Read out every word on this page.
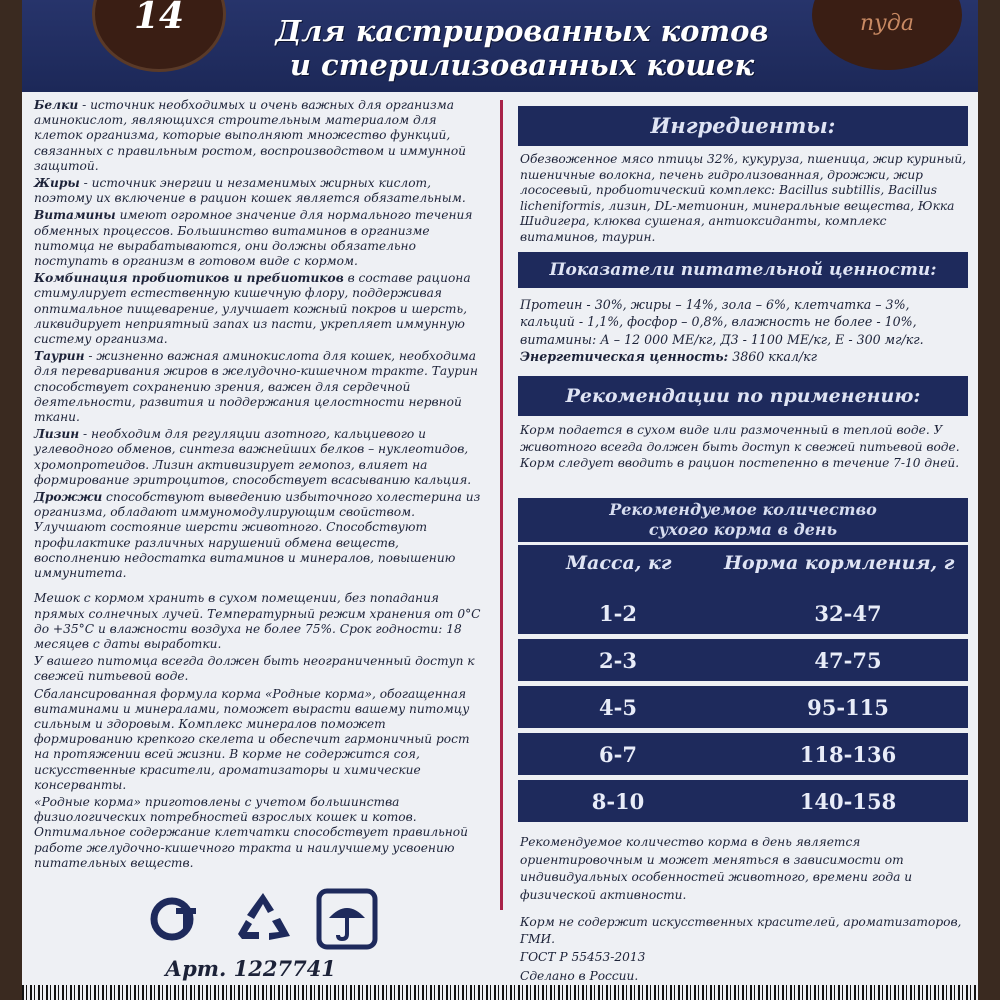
14	пуда
Для кастрированных котов
и стерилизованных кошек

Белки - источник необходимых и очень важных для организма аминокислот, являющихся строительным материалом для клеток организма, которые выполняют множество функций, связанных с правильным ростом, воспроизводством и иммунной защитой.

Жиры - источник энергии и незаменимых жирных кислот, поэтому их включение в рацион кошек является обязательным.

Витамины имеют огромное значение для нормального течения обменных процессов. Большинство витаминов в организме питомца не вырабатываются, они должны обязательно поступать в организм в готовом виде с кормом.

Комбинация пробиотиков и пребиотиков в составе рациона стимулирует естественную кишечную флору, поддерживая оптимальное пищеварение, улучшает кожный покров и шерсть, ликвидирует неприятный запах из пасти, укрепляет иммунную систему организма.

Таурин - жизненно важная аминокислота для кошек, необходима для переваривания жиров в желудочно-кишечном тракте. Таурин способствует сохранению зрения, важен для сердечной деятельности, развития и поддержания целостности нервной ткани.

Лизин - необходим для регуляции азотного, кальциевого и углеводного обменов, синтеза важнейших белков – нуклеотидов, хромопротеидов. Лизин активизирует гемопоз, влияет на формирование эритроцитов, способствует всасыванию кальция.

Дрожжи способствуют выведению избыточного холестерина из организма, обладают иммуномодулирующим свойством. Улучшают состояние шерсти животного. Способствуют профилактике различных нарушений обмена веществ, восполнению недостатка витаминов и минералов, повышению иммунитета.

Мешок с кормом хранить в сухом помещении, без попадания прямых солнечных лучей. Температурный режим хранения от 0°С до +35°С и влажности воздуха не более 75%. Срок годности: 18 месяцев с даты выработки.

У вашего питомца всегда должен быть неограниченный доступ к свежей питьевой воде.

Сбалансированная формула корма «Родные корма», обогащенная витаминами и минералами, поможет вырасти вашему питомцу сильным и здоровым. Комплекс минералов поможет формированию крепкого скелета и обеспечит гармоничный рост на протяжении всей жизни. В корме не содержится соя, искусственные красители, ароматизаторы и химические консерванты.

«Родные корма» приготовлены с учетом большинства физиологических потребностей взрослых кошек и котов. Оптимальное содержание клетчатки способствует правильной работе желудочно-кишечного тракта и наилучшему усвоению питательных веществ.

Арт. 1227741
Ингредиенты:
Обезвоженное мясо птицы 32%, кукуруза, пшеница, жир куриный, пшеничные волокна, печень гидролизованная, дрожжи, жир лососевый, пробиотический комплекс: Bacillus subtillis, Bacillus licheniformis, лизин, DL-метионин, минеральные вещества, Юкка Шидигера, клюква сушеная, антиоксиданты, комплекс витаминов, таурин.
Показатели питательной ценности:
Протеин - 30%, жиры – 14%, зола – 6%, клетчатка – 3%,
кальций - 1,1%, фосфор – 0,8%, влажность не более - 10%,
витамины: А – 12 000 МЕ/кг, Д3 - 1100 МЕ/кг, Е - 300 мг/кг.
Энергетическая ценность: 3860 ккал/кг
Рекомендации по применению:
Корм подается в сухом виде или размоченный в теплой воде. У животного всегда должен быть доступ к свежей питьевой воде. Корм следует вводить в рацион постепенно в течение 7-10 дней.
Рекомендуемое количество
сухого корма в день
Масса, кг	Норма кормления, г
1-2	32-47
2-3	47-75
4-5	95-115
6-7	118-136
8-10	140-158
Рекомендуемое количество корма в день является ориентировочным и может меняться в зависимости от индивидуальных особенностей животного, времени года и физической активности.
Корм не содержит искусственных красителей, ароматизаторов, ГМИ.
ГОСТ Р 55453-2013
Сделано в России.
